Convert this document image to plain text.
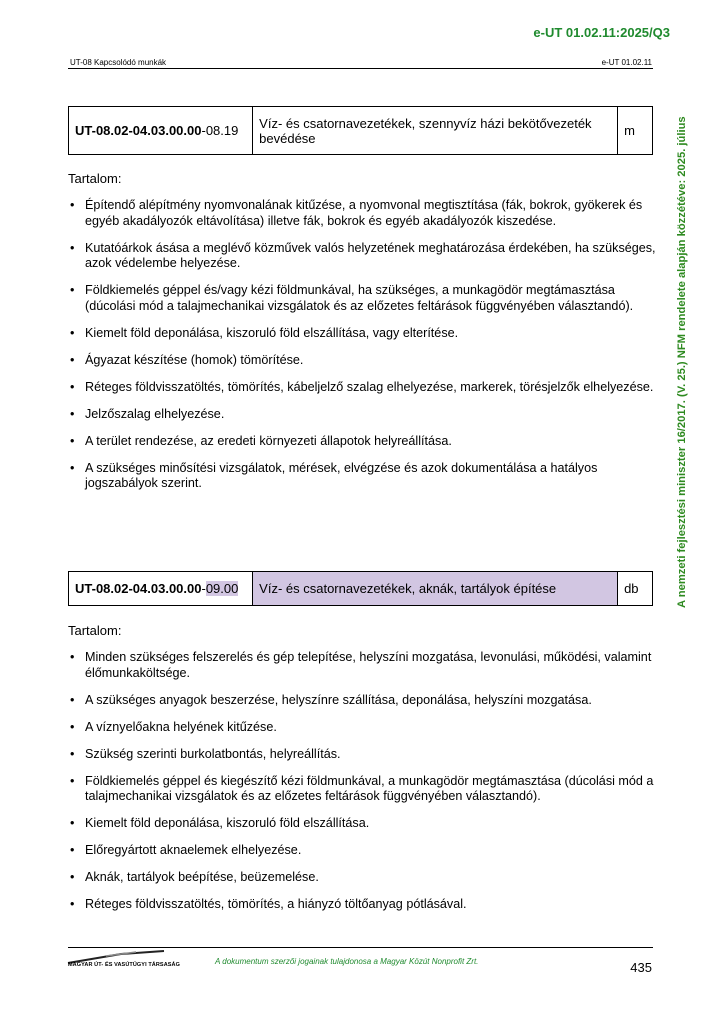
e-UT 01.02.11:2025/Q3
UT-08 Kapcsolódó munkák	e-UT 01.02.11
A nemzeti fejlesztési miniszter 16/2017. (V. 25.) NFM rendelete alapján közzétéve: 2025. július
UT-08.02-04.03.00.00-08.19	Víz- és csatornavezetékek, szennyvíz házi bekötővezeték bevédése	m
Tartalom:
• Építendő alépítmény nyomvonalának kitűzése, a nyomvonal megtisztítása (fák, bokrok, gyökerek és egyéb akadályozók eltávolítása) illetve fák, bokrok és egyéb akadályozók kiszedése.
• Kutatóárkok ásása a meglévő közművek valós helyzetének meghatározása érdekében, ha szükséges, azok védelembe helyezése.
• Földkiemelés géppel és/vagy kézi földmunkával, ha szükséges, a munkagödör megtámasztása (dúcolási mód a talajmechanikai vizsgálatok és az előzetes feltárások függvényében választandó).
• Kiemelt föld deponálása, kiszoruló föld elszállítása, vagy elterítése.
• Ágyazat készítése (homok) tömörítése.
• Réteges földvisszatöltés, tömörítés, kábeljelző szalag elhelyezése, markerek, törésjelzők elhelyezése.
• Jelzőszalag elhelyezése.
• A terület rendezése, az eredeti környezeti állapotok helyreállítása.
• A szükséges minősítési vizsgálatok, mérések, elvégzése és azok dokumentálása a hatályos jogszabályok szerint.
UT-08.02-04.03.00.00-09.00	Víz- és csatornavezetékek, aknák, tartályok építése	db
Tartalom:
• Minden szükséges felszerelés és gép telepítése, helyszíni mozgatása, levonulási, működési, valamint élőmunkaköltsége.
• A szükséges anyagok beszerzése, helyszínre szállítása, deponálása, helyszíni mozgatása.
• A víznyelőakna helyének kitűzése.
• Szükség szerinti burkolatbontás, helyreállítás.
• Földkiemelés géppel és kiegészítő kézi földmunkával, a munkagödör megtámasztása (dúcolási mód a talajmechanikai vizsgálatok és az előzetes feltárások függvényében választandó).
• Kiemelt föld deponálása, kiszoruló föld elszállítása.
• Előregyártott aknaelemek elhelyezése.
• Aknák, tartályok beépítése, beüzemelése.
• Réteges földvisszatöltés, tömörítés, a hiányzó töltőanyag pótlásával.
MAGYAR ÚT- ÉS VASÚTÜGYI TÁRSASÁG	A dokumentum szerzői jogainak tulajdonosa a Magyar Közút Nonprofit Zrt.	435
